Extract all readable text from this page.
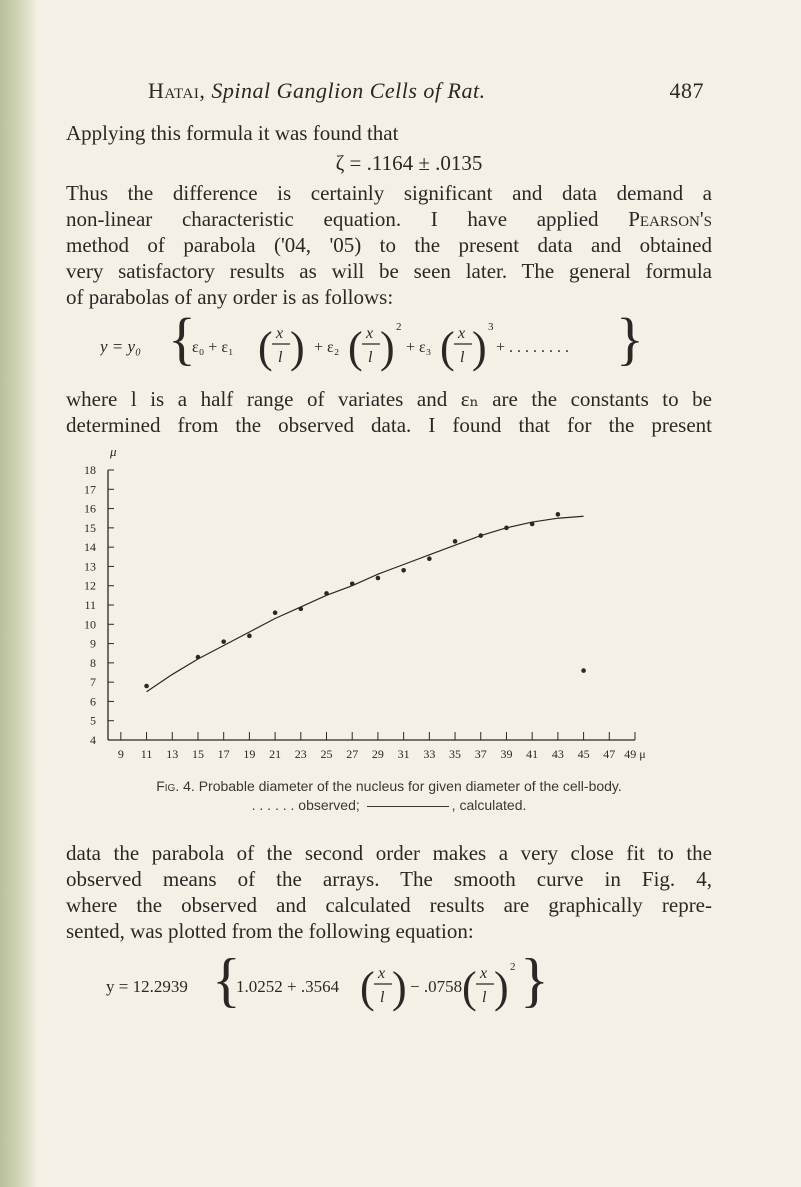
Hatai, Spinal Ganglion Cells of Rat.	487

Applying this formula it was found that

ζ = .1164 ± .0135

Thus the difference is certainly significant and data demand a
non-linear characteristic equation. I have applied Pearson's
method of parabola ('04, '05) to the present data and obtained
very satisfactory results as will be seen later. The general formula
of parabolas of any order is as follows:

y = y₀ {
ε₀ + ε₁ ( x
l ) + ε₂ ( x
l ) 2
+ ε₃ ( x
l ) 3
+ . . . . . . . . }

where l is a half range of variates and εₙ are the constants to be
determined from the observed data. I found that for the present

μ
4
5
6
7
8
9
10
11
12
13
14
15
16
17
18
9 11 13 15 17 19 21 23 25 27 29 31 33 35 37 39 41 43 45 47 49 μ
Fig. 4. Probable diameter of the nucleus for given diameter of the cell-body.
. . . . . . observed;	, calculated.

data the parabola of the second order makes a very close fit to the
observed means of the arrays. The smooth curve in Fig. 4,
where the observed and calculated results are graphically repre-
sented, was plotted from the following equation:

y = 12.2939 {
1.0252 + .3564 ( x
l ) − .0758 ( x
l ) 2 }
